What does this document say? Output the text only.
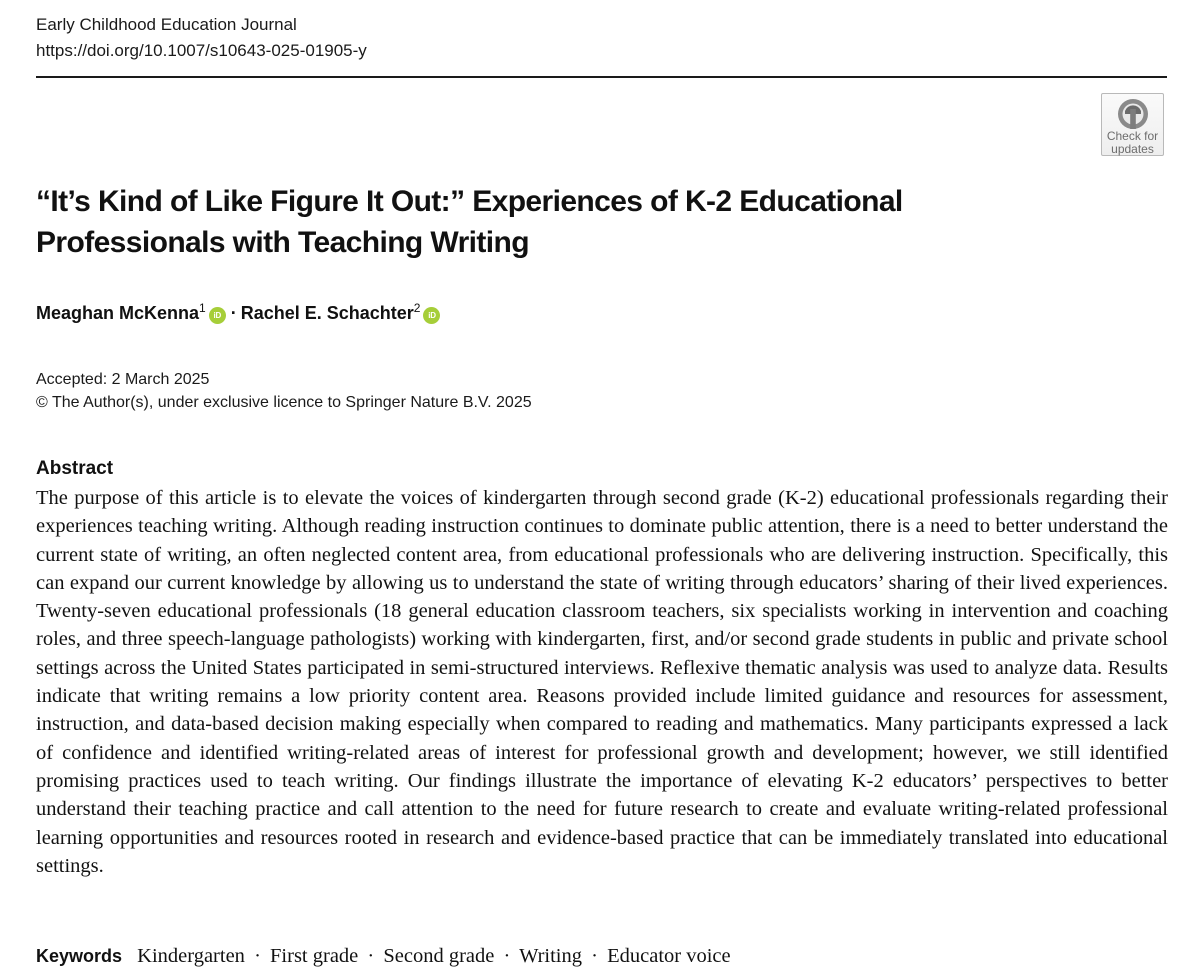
Early Childhood Education Journal
https://doi.org/10.1007/s10643-025-01905-y
Check for
updates
“It’s Kind of Like Figure It Out:” Experiences of K-2 Educational Professionals with Teaching Writing
Meaghan McKenna$^1$iD · Rachel E. Schachter$^2$iD
Accepted: 2 March 2025
© The Author(s), under exclusive licence to Springer Nature B.V. 2025
Abstract

The purpose of this article is to elevate the voices of kindergarten through second grade (K-2) educational professionals regarding their experiences teaching writing. Although reading instruction continues to dominate public attention, there is a need to better understand the current state of writing, an often neglected content area, from educational professionals who are delivering instruction. Specifically, this can expand our current knowledge by allowing us to understand the state of writing through educators’ sharing of their lived experiences. Twenty-seven educational professionals (18 general education classroom teachers, six specialists working in intervention and coaching roles, and three speech-language pathologists) working with kindergarten, first, and/or second grade students in public and private school settings across the United States participated in semi-structured interviews. Reflexive thematic analysis was used to analyze data. Results indicate that writing remains a low priority content area. Reasons provided include limited guidance and resources for assessment, instruction, and data-based decision making especially when compared to reading and mathematics. Many participants expressed a lack of confidence and identified writing-related areas of interest for professional growth and development; however, we still identified promising practices used to teach writing. Our findings illustrate the importance of elevating K-2 educators’ perspectives to better understand their teaching practice and call attention to the need for future research to create and evaluate writing-related professional learning opportunities and resources rooted in research and evidence-based practice that can be immediately translated into educational settings.

Keywords Kindergarten · First grade · Second grade · Writing · Educator voice
